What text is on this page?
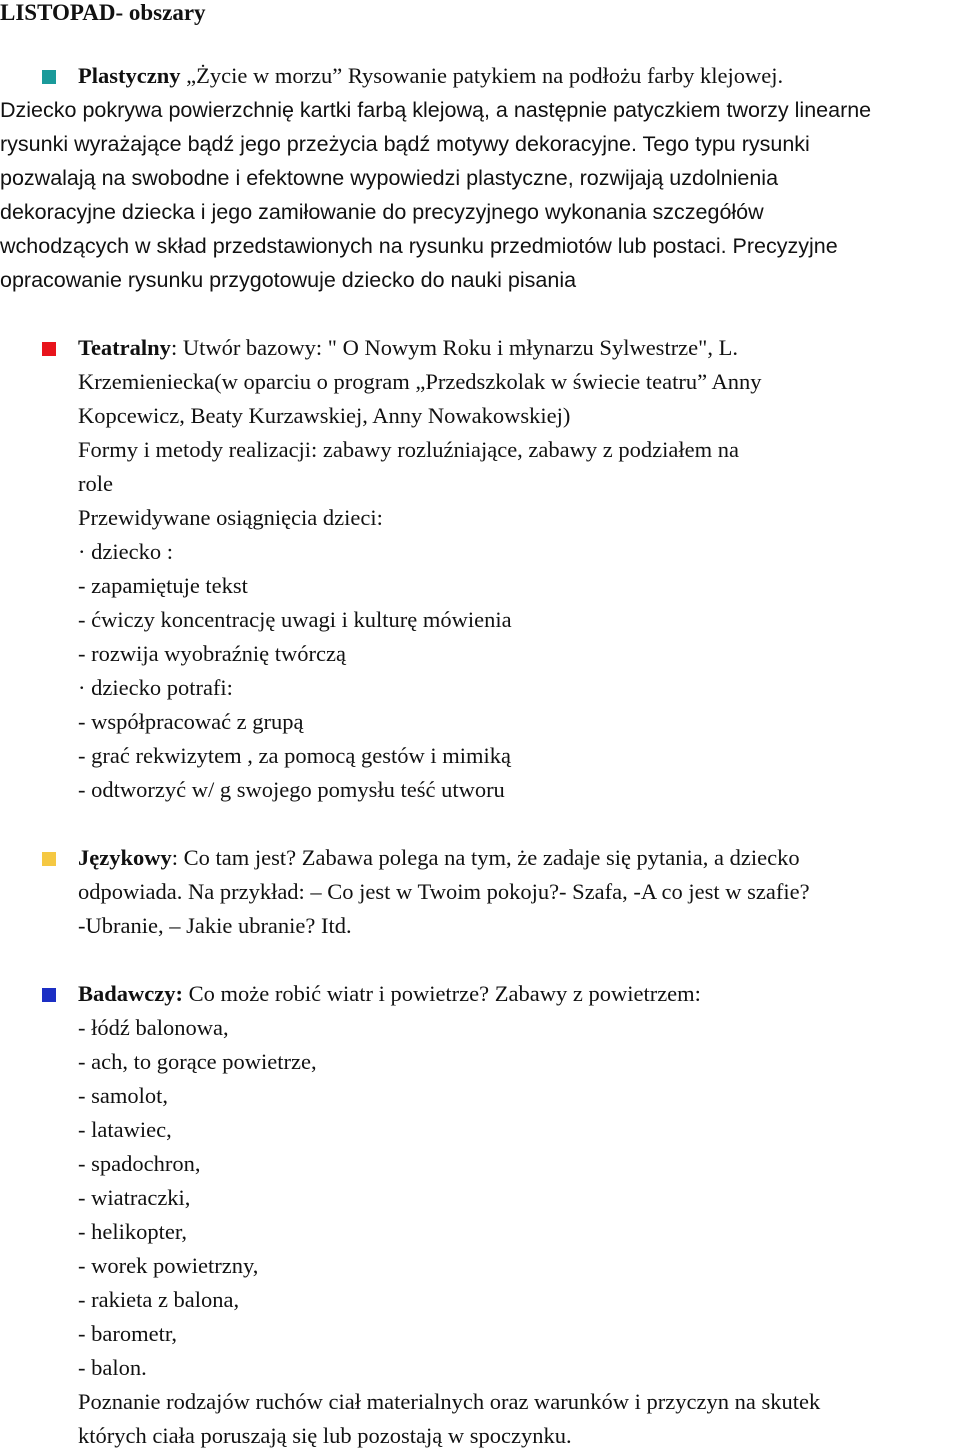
LISTOPAD- obszary
Plastyczny „Życie w morzu” Rysowanie patykiem na podłożu farby klejowej.
Dziecko pokrywa powierzchnię kartki farbą klejową, a następnie patyczkiem tworzy linearne
rysunki wyrażające bądź jego przeżycia bądź motywy dekoracyjne. Tego typu rysunki
pozwalają na swobodne i efektowne wypowiedzi plastyczne, rozwijają uzdolnienia
dekoracyjne dziecka i jego zamiłowanie do precyzyjnego wykonania szczegółów
wchodzących w skład przedstawionych na rysunku przedmiotów lub postaci. Precyzyjne
opracowanie rysunku przygotowuje dziecko do nauki pisania
Teatralny: Utwór bazowy: " O Nowym Roku i młynarzu Sylwestrze", L.
Krzemieniecka(w oparciu o program „Przedszkolak w świecie teatru” Anny
Kopcewicz, Beaty Kurzawskiej, Anny Nowakowskiej)
Formy i metody realizacji: zabawy rozluźniające, zabawy z podziałem na
role
Przewidywane osiągnięcia dzieci:
· dziecko :
- zapamiętuje tekst
- ćwiczy koncentrację uwagi i kulturę mówienia
- rozwija wyobraźnię twórczą
· dziecko potrafi:
- współpracować z grupą
- grać rekwizytem , za pomocą gestów i mimiką
- odtworzyć w/ g swojego pomysłu teść utworu
Językowy: Co tam jest? Zabawa polega na tym, że zadaje się pytania, a dziecko
odpowiada. Na przykład: – Co jest w Twoim pokoju?- Szafa, -A co jest w szafie?
-Ubranie, – Jakie ubranie? Itd.
Badawczy: Co może robić wiatr i powietrze? Zabawy z powietrzem:
- łódź balonowa,
- ach, to gorące powietrze,
- samolot,
- latawiec,
- spadochron,
- wiatraczki,
- helikopter,
- worek powietrzny,
- rakieta z balona,
- barometr,
- balon.
Poznanie rodzajów ruchów ciał materialnych oraz warunków i przyczyn na skutek
których ciała poruszają się lub pozostają w spoczynku.
